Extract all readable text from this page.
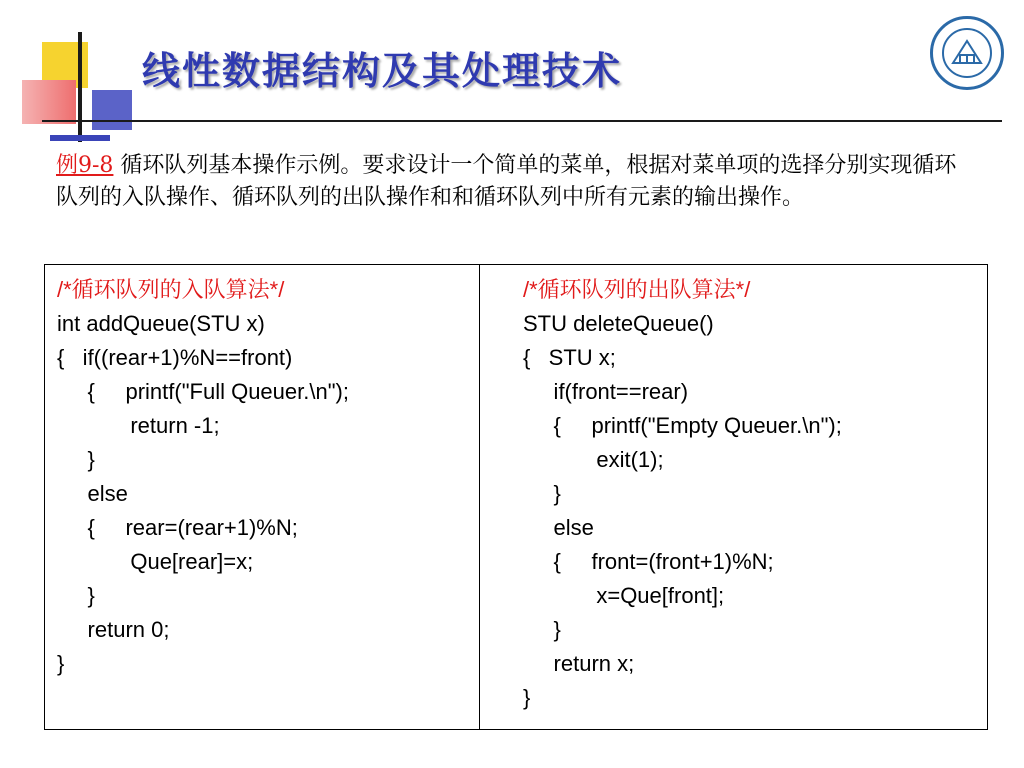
线性数据结构及其处理技术
例9-8 循环队列基本操作示例。要求设计一个简单的菜单，根据对菜单项的选择分别实现循环队列的入队操作、循环队列的出队操作和和循环队列中所有元素的输出操作。
/*循环队列的入队算法*/
int addQueue(STU x)
{   if((rear+1)%N==front)
{     printf("Full Queuer.\n");
return -1;
}
else
{     rear=(rear+1)%N;
Que[rear]=x;
}
return 0;
}
/*循环队列的出队算法*/
STU deleteQueue()
{   STU x;
if(front==rear)
{     printf("Empty Queuer.\n");
exit(1);
}
else
{     front=(front+1)%N;
x=Que[front];
}
return x;
}
